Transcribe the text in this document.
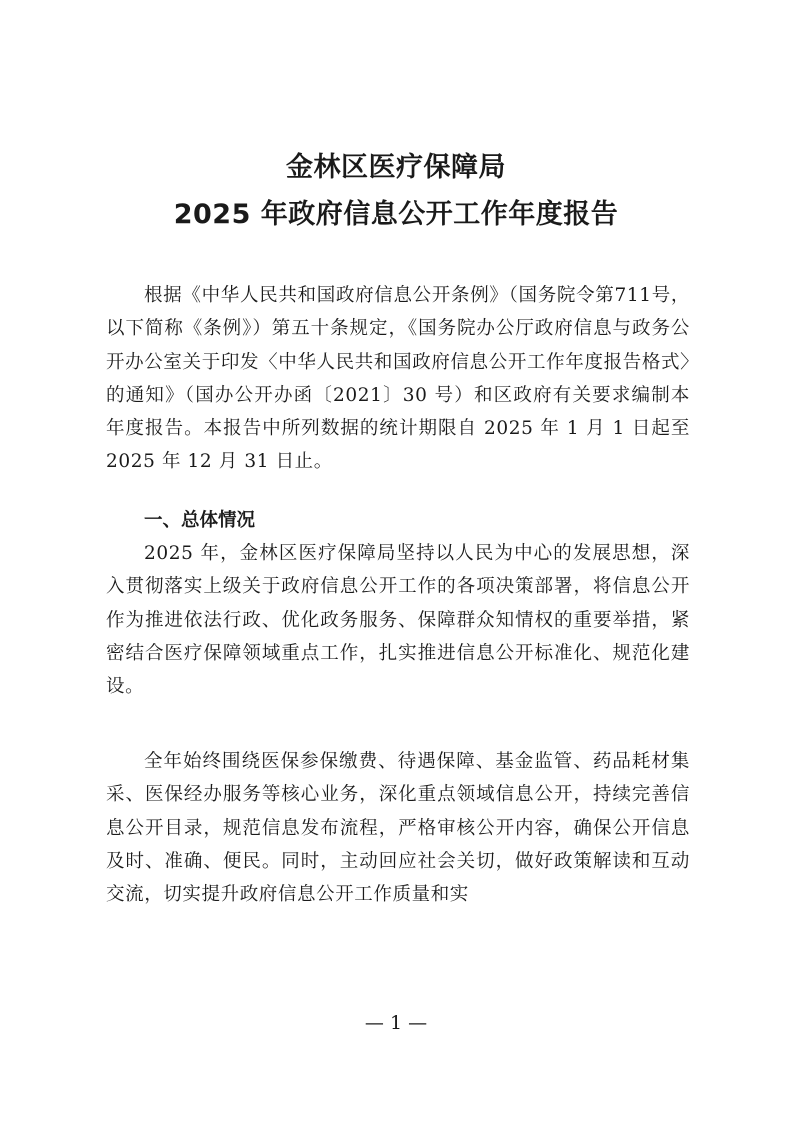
金林区医疗保障局
2025 年政府信息公开工作年度报告
根据《中华人民共和国政府信息公开条例》（国务院令第711号，以下简称《条例》）第五十条规定，《国务院办公厅政府信息与政务公开办公室关于印发〈中华人民共和国政府信息公开工作年度报告格式〉的通知》（国办公开办函〔2021〕30 号）和区政府有关要求编制本年度报告。本报告中所列数据的统计期限自 2025 年 1 月 1 日起至 2025 年 12 月 31 日止。
一、总体情况
2025 年，金林区医疗保障局坚持以人民为中心的发展思想，深入贯彻落实上级关于政府信息公开工作的各项决策部署，将信息公开作为推进依法行政、优化政务服务、保障群众知情权的重要举措，紧密结合医疗保障领域重点工作，扎实推进信息公开标准化、规范化建设。
全年始终围绕医保参保缴费、待遇保障、基金监管、药品耗材集采、医保经办服务等核心业务，深化重点领域信息公开，持续完善信息公开目录，规范信息发布流程，严格审核公开内容，确保公开信息及时、准确、便民。同时，主动回应社会关切，做好政策解读和互动交流，切实提升政府信息公开工作质量和实
— 1 —
